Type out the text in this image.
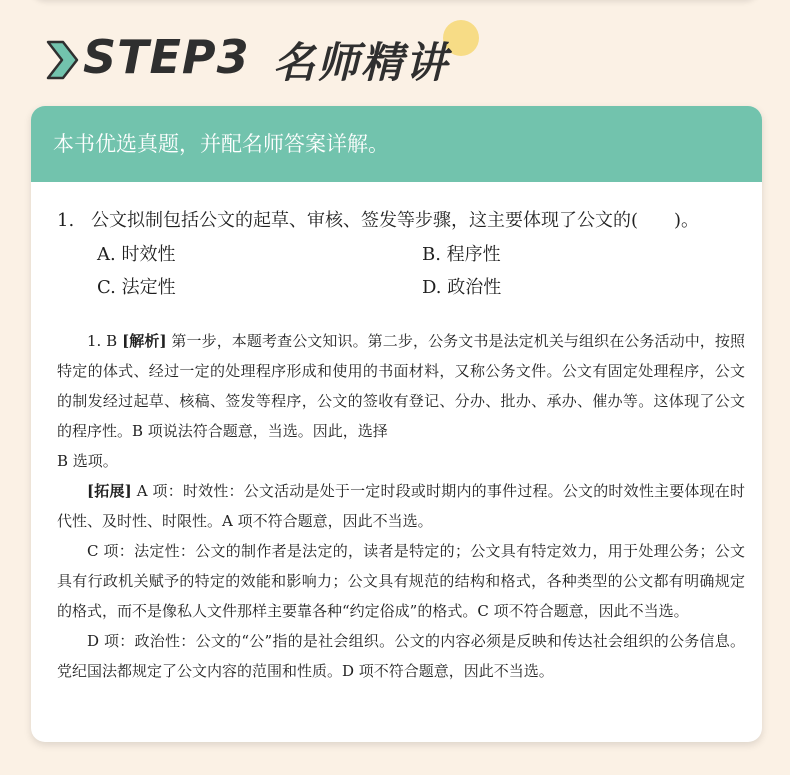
STEP3 名师精讲
本书优选真题，并配名师答案详解。
1. 公文拟制包括公文的起草、审核、签发等步骤，这主要体现了公文的(　　)。
A. 时效性	B. 程序性
C. 法定性	D. 政治性

1. B [解析] 第一步，本题考查公文知识。第二步，公务文书是法定机关与组织在公务活动中，按照特定的体式、经过一定的处理程序形成和使用的书面材料，又称公务文件。公文有固定处理程序，公文的制发经过起草、核稿、签发等程序，公文的签收有登记、分办、批办、承办、催办等。这体现了公文的程序性。B 项说法符合题意，当选。因此，选择

B 选项。

[拓展] A 项：时效性：公文活动是处于一定时段或时期内的事件过程。公文的时效性主要体现在时代性、及时性、时限性。A 项不符合题意，因此不当选。

C 项：法定性：公文的制作者是法定的，读者是特定的；公文具有特定效力，用于处理公务；公文具有行政机关赋予的特定的效能和影响力；公文具有规范的结构和格式，各种类型的公文都有明确规定的格式，而不是像私人文件那样主要靠各种“约定俗成”的格式。C 项不符合题意，因此不当选。

D 项：政治性：公文的“公”指的是社会组织。公文的内容必须是反映和传达社会组织的公务信息。党纪国法都规定了公文内容的范围和性质。D 项不符合题意，因此不当选。
